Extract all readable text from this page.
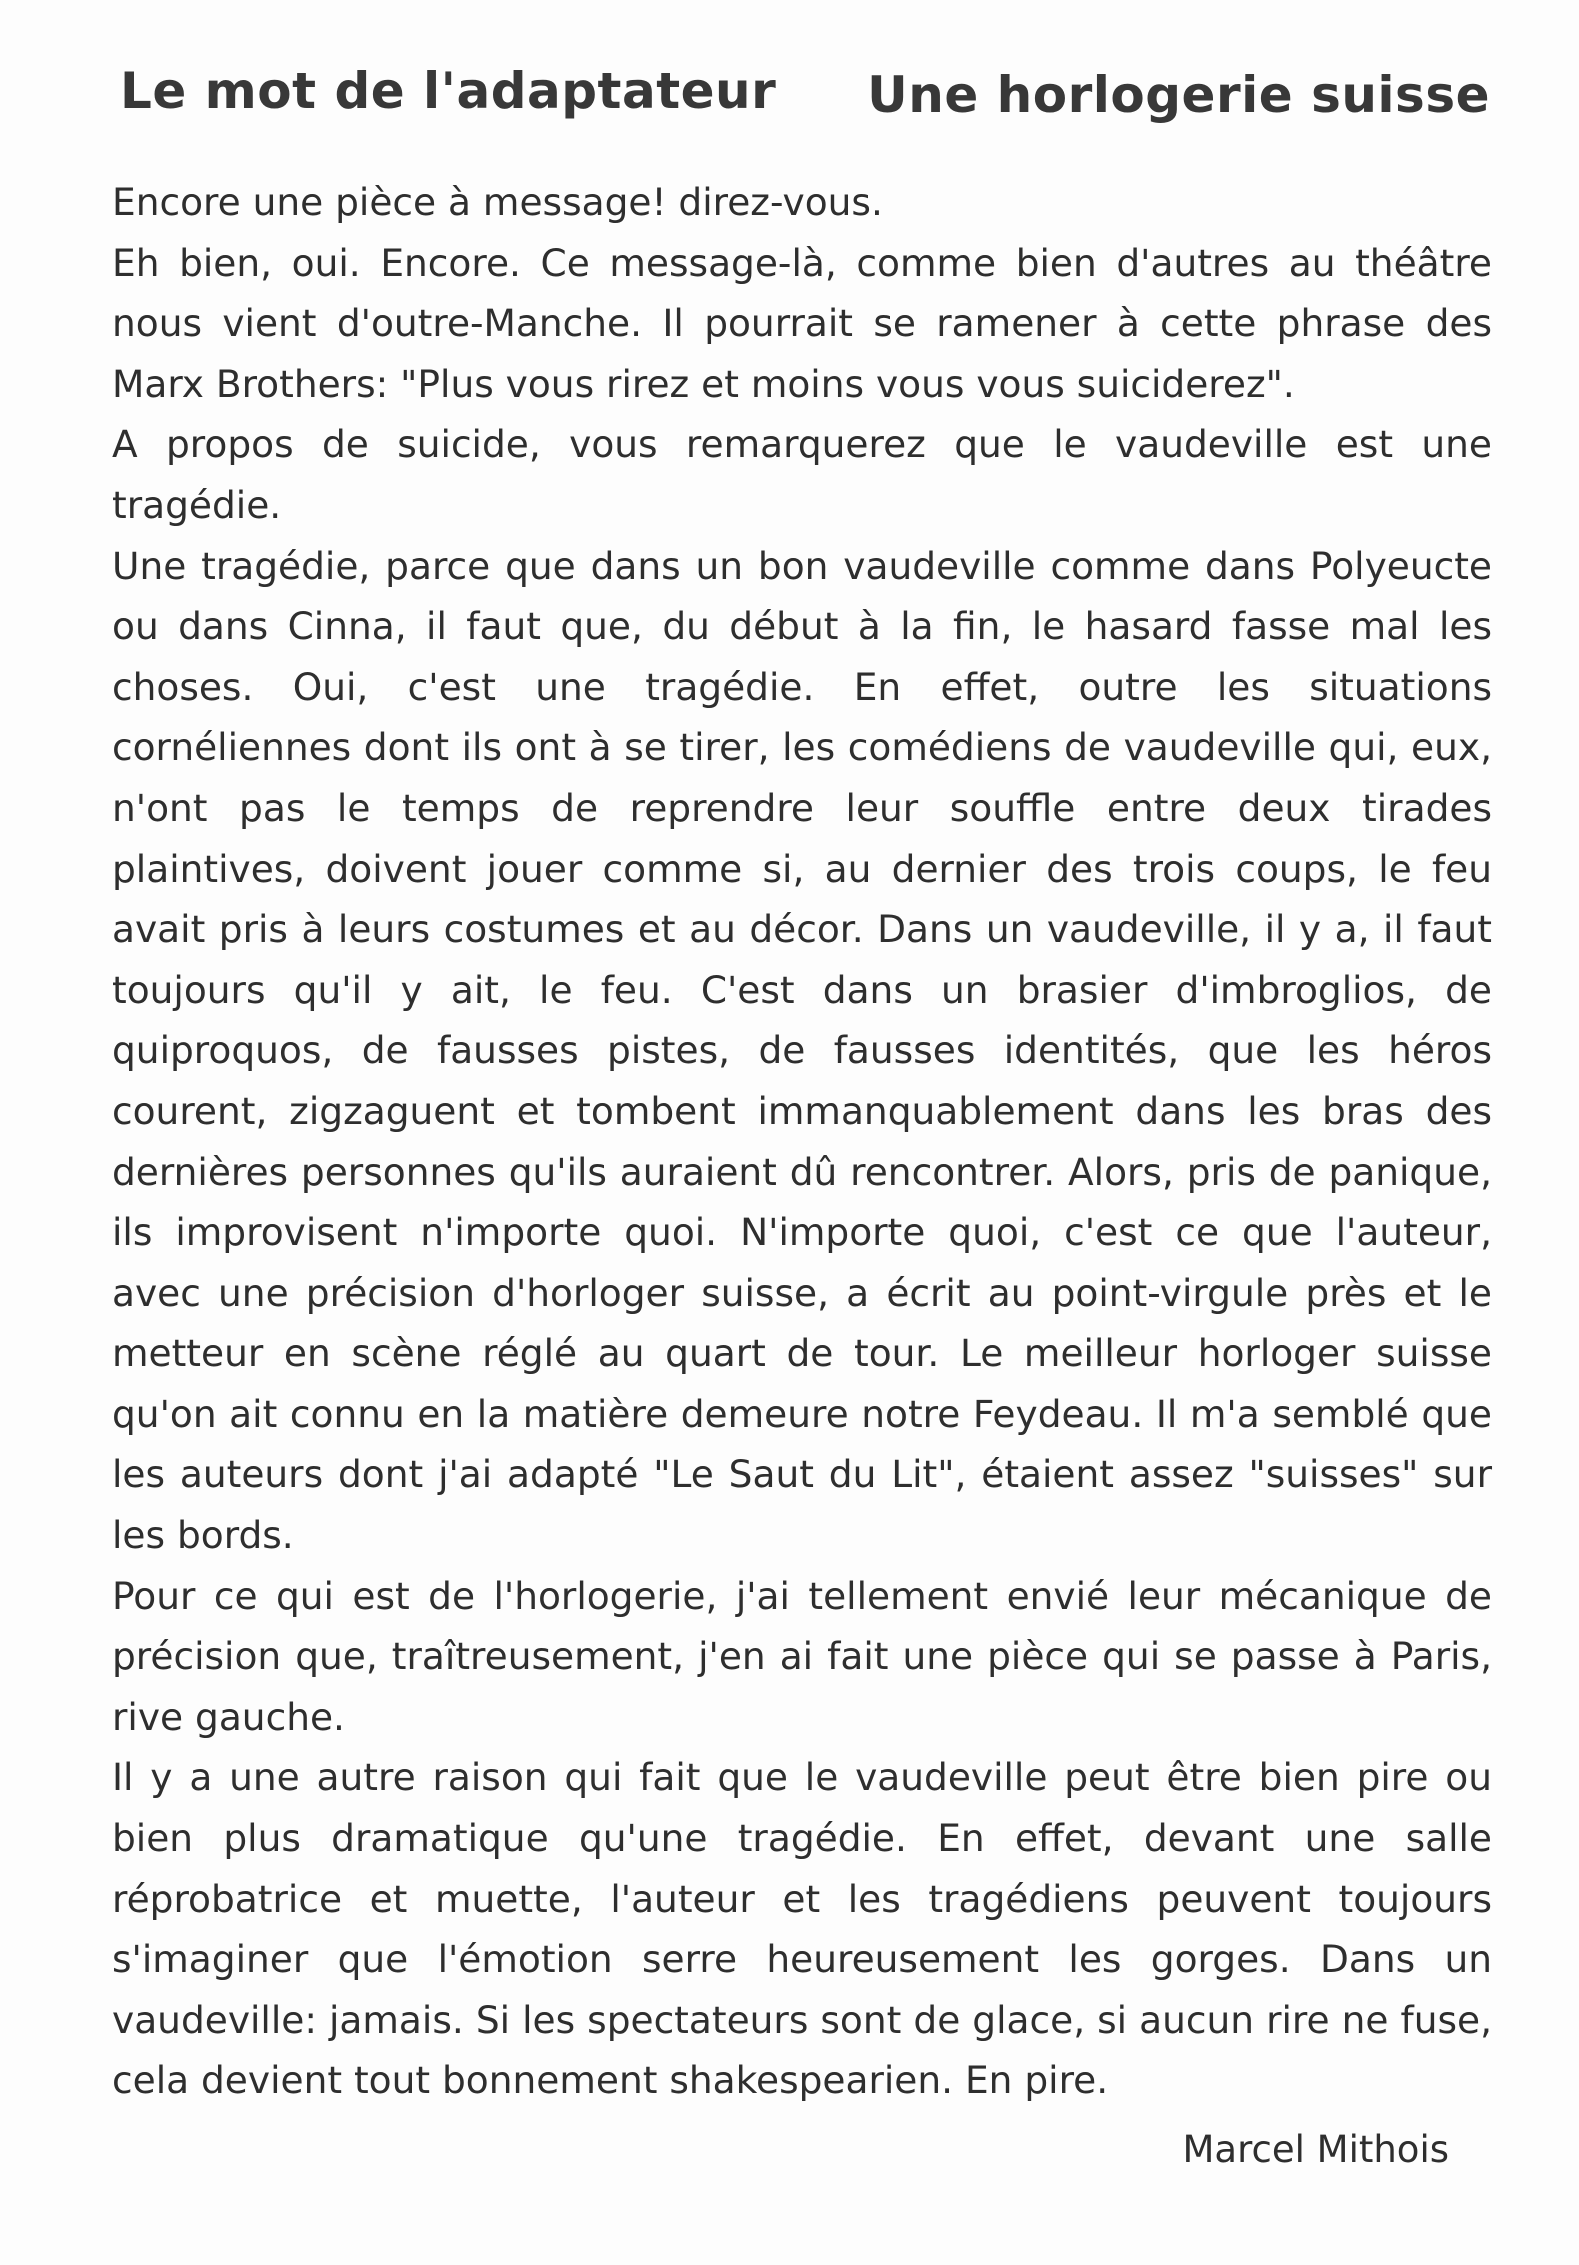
Le mot de l'adaptateur Une horlogerie suisse

Encore une pièce à message! direz-vous.

Eh bien, oui. Encore. Ce message-là, comme bien d'autres au théâtre nous vient d'outre-Manche. Il pourrait se ramener à cette phrase des Marx Brothers: "Plus vous rirez et moins vous vous suiciderez".

A propos de suicide, vous remarquerez que le vaudeville est une tragédie.

Une tragédie, parce que dans un bon vaudeville comme dans Polyeucte ou dans Cinna, il faut que, du début à la fin, le hasard fasse mal les choses. Oui, c'est une tragédie. En effet, outre les situations cornéliennes dont ils ont à se tirer, les comédiens de vaudeville qui, eux, n'ont pas le temps de reprendre leur souffle entre deux tirades plaintives, doivent jouer comme si, au dernier des trois coups, le feu avait pris à leurs costumes et au décor. Dans un vaudeville, il y a, il faut toujours qu'il y ait, le feu. C'est dans un brasier d'imbroglios, de quiproquos, de fausses pistes, de fausses identités, que les héros courent, zigzaguent et tombent immanquablement dans les bras des dernières personnes qu'ils auraient dû rencontrer. Alors, pris de panique, ils improvisent n'importe quoi. N'importe quoi, c'est ce que l'auteur, avec une précision d'horloger suisse, a écrit au point-virgule près et le metteur en scène réglé au quart de tour. Le meilleur horloger suisse qu'on ait connu en la matière demeure notre Feydeau. Il m'a semblé que les auteurs dont j'ai adapté "Le Saut du Lit", étaient assez "suisses" sur les bords.

Pour ce qui est de l'horlogerie, j'ai tellement envié leur mécanique de précision que, traîtreusement, j'en ai fait une pièce qui se passe à Paris, rive gauche.

Il y a une autre raison qui fait que le vaudeville peut être bien pire ou bien plus dramatique qu'une tragédie. En effet, devant une salle réprobatrice et muette, l'auteur et les tragédiens peuvent toujours s'imaginer que l'émotion serre heureusement les gorges. Dans un vaudeville: jamais. Si les spectateurs sont de glace, si aucun rire ne fuse, cela devient tout bonnement shakespearien. En pire.

Marcel Mithois
